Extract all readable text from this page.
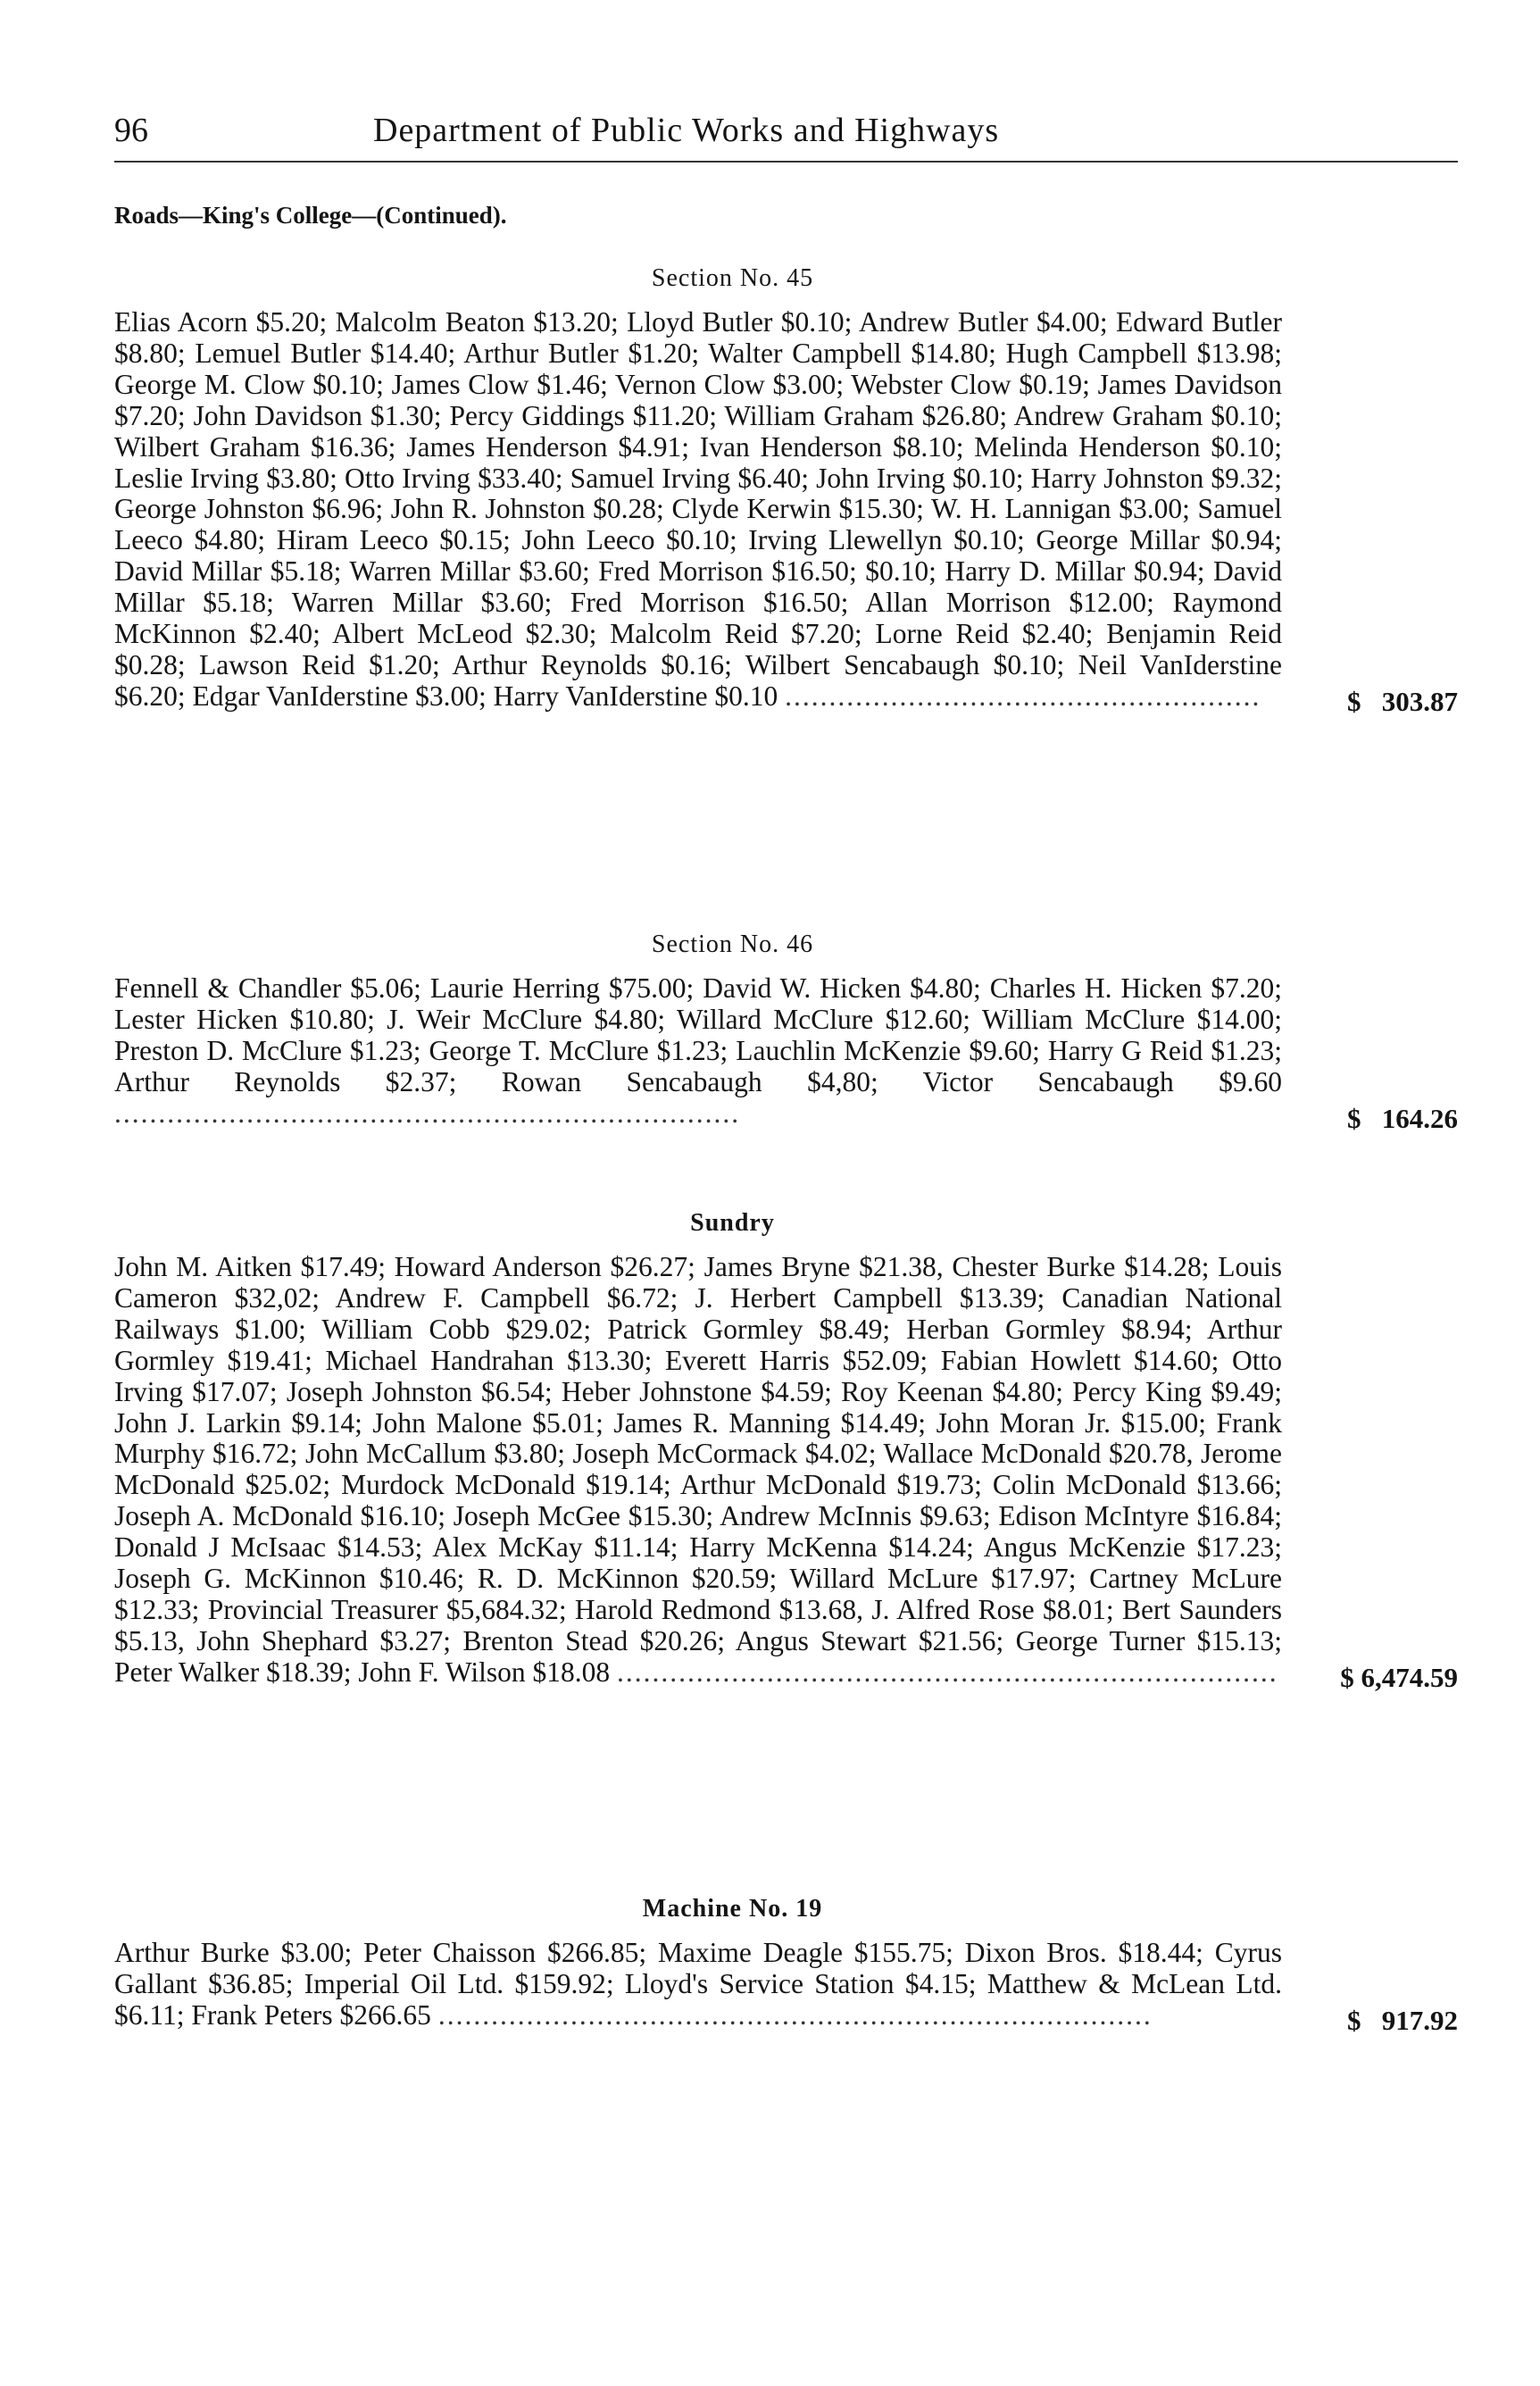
96	Department of Public Works and Highways
Roads—King's College—(Continued).
Section No. 45

Elias Acorn $5.20; Malcolm Beaton $13.20; Lloyd Butler $0.10; Andrew Butler $4.00; Edward Butler $8.80; Lemuel Butler $14.40; Arthur Butler $1.20; Walter Campbell $14.80; Hugh Campbell $13.98; George M. Clow $0.10; James Clow $1.46; Vernon Clow $3.00; Webster Clow $0.19; James Davidson $7.20; John Davidson $1.30; Percy Giddings $11.20; William Graham $26.80; Andrew Graham $0.10; Wilbert Graham $16.36; James Henderson $4.91; Ivan Henderson $8.10; Melinda Henderson $0.10; Leslie Irving $3.80; Otto Irving $33.40; Samuel Irving $6.40; John Irving $0.10; Harry Johnston $9.32; George Johnston $6.96; John R. Johnston $0.28; Clyde Kerwin $15.30; W. H. Lannigan $3.00; Samuel Leeco $4.80; Hiram Leeco $0.15; John Leeco $0.10; Irving Llewellyn $0.10; George Millar $0.94; David Millar $5.18; Warren Millar $3.60; Fred Morrison $16.50; $0.10; Harry D. Millar $0.94; David Millar $5.18; Warren Millar $3.60; Fred Morrison $16.50; Allan Morrison $12.00; Raymond McKinnon $2.40; Albert McLeod $2.30; Malcolm Reid $7.20; Lorne Reid $2.40; Benjamin Reid $0.28; Lawson Reid $1.20; Arthur Reynolds $0.16; Wilbert Sencabaugh $0.10; Neil VanIderstine $6.20; Edgar VanIderstine $3.00; Harry VanIderstine $0.10 ......................................................	$   303.87
Section No. 46

Fennell & Chandler $5.06; Laurie Herring $75.00; David W. Hicken $4.80; Charles H. Hicken $7.20; Lester Hicken $10.80; J. Weir McClure $4.80; Willard McClure $12.60; William McClure $14.00; Preston D. McClure $1.23; George T. McClure $1.23; Lauchlin McKenzie $9.60; Harry G Reid $1.23; Arthur Reynolds $2.37; Rowan Sencabaugh $4,80; Victor Sencabaugh $9.60 .......................................................................	$   164.26
Sundry

John M. Aitken $17.49; Howard Anderson $26.27; James Bryne $21.38, Chester Burke $14.28; Louis Cameron $32,02; Andrew F. Campbell $6.72; J. Herbert Campbell $13.39; Canadian National Railways $1.00; William Cobb $29.02; Patrick Gormley $8.49; Herban Gormley $8.94; Arthur Gormley $19.41; Michael Handrahan $13.30; Everett Harris $52.09; Fabian Howlett $14.60; Otto Irving $17.07; Joseph Johnston $6.54; Heber Johnstone $4.59; Roy Keenan $4.80; Percy King $9.49; John J. Larkin $9.14; John Malone $5.01; James R. Manning $14.49; John Moran Jr. $15.00; Frank Murphy $16.72; John McCallum $3.80; Joseph McCormack $4.02; Wallace McDonald $20.78, Jerome McDonald $25.02; Murdock McDonald $19.14; Arthur McDonald $19.73; Colin McDonald $13.66; Joseph A. McDonald $16.10; Joseph McGee $15.30; Andrew McInnis $9.63; Edison McIntyre $16.84; Donald J McIsaac $14.53; Alex McKay $11.14; Harry McKenna $14.24; Angus McKenzie $17.23; Joseph G. McKinnon $10.46; R. D. McKinnon $20.59; Willard McLure $17.97; Cartney McLure $12.33; Provincial Treasurer $5,684.32; Harold Redmond $13.68, J. Alfred Rose $8.01; Bert Saunders $5.13, John Shephard $3.27; Brenton Stead $20.26; Angus Stewart $21.56; George Turner $15.13; Peter Walker $18.39; John F. Wilson $18.08 ........................................................................... $ 6,474.59
Machine No. 19

Arthur Burke $3.00; Peter Chaisson $266.85; Maxime Deagle $155.75; Dixon Bros. $18.44; Cyrus Gallant $36.85; Imperial Oil Ltd. $159.92; Lloyd's Service Station $4.15; Matthew & McLean Ltd. $6.11; Frank Peters $266.65 .................................................................................	$   917.92
